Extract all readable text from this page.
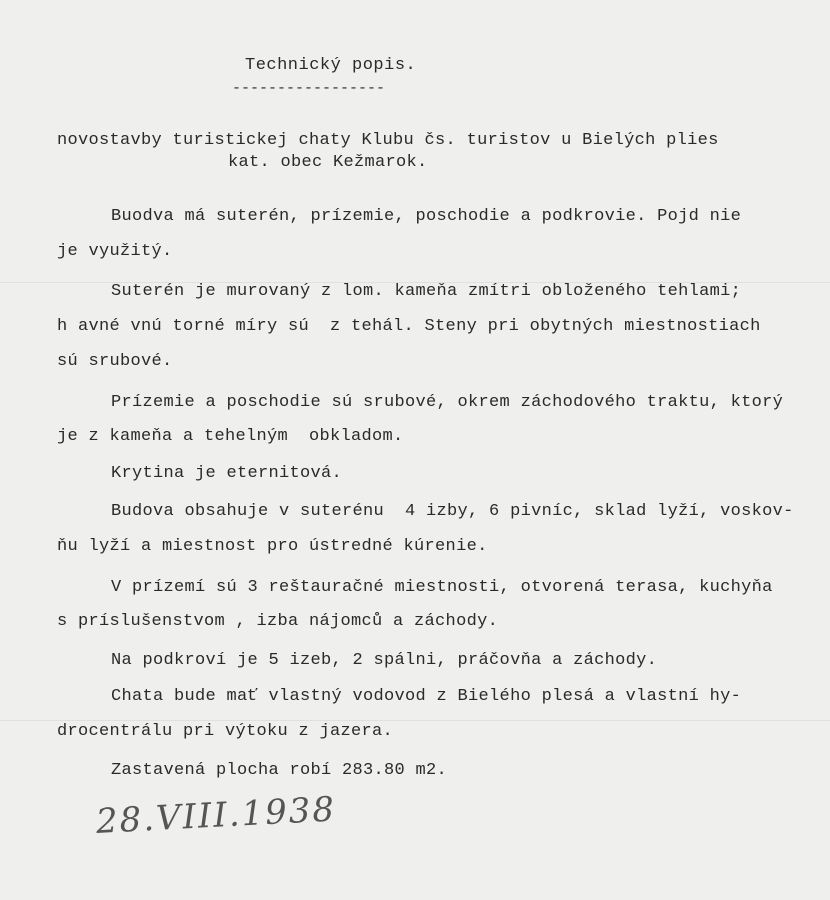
Technický popis.
-----------------
novostavby turistickej chaty Klubu čs. turistov u Bielých plies
kat. obec Kežmarok.
Buodva má suterén, prízemie, poschodie a podkrovie. Pojd nie
je využitý.
Suterén je murovaný z lom. kameňa zmítri obloženého tehlami;
h avné vnú torné míry sú  z tehál. Steny pri obytných miestnostiach
sú srubové.
Prízemie a poschodie sú srubové, okrem záchodového traktu, ktorý
je z kameňa a tehelným  obkladom.
Krytina je eternitová.
Budova obsahuje v suterénu  4 izby, 6 pivníc, sklad lyží, voskov-
ňu lyží a miestnost pro ústredné kúrenie.
V prízemí sú 3 reštauračné miestnosti, otvorená terasa, kuchyňa
s príslušenstvom , izba nájomců a záchody.
Na podkroví je 5 izeb, 2 spálni, práčovňa a záchody.
Chata bude mať vlastný vodovod z Bielého plesá a vlastní hy-
drocentrálu pri výtoku z jazera.
Zastavená plocha robí 283.80 m2.
28.VIII.1938
